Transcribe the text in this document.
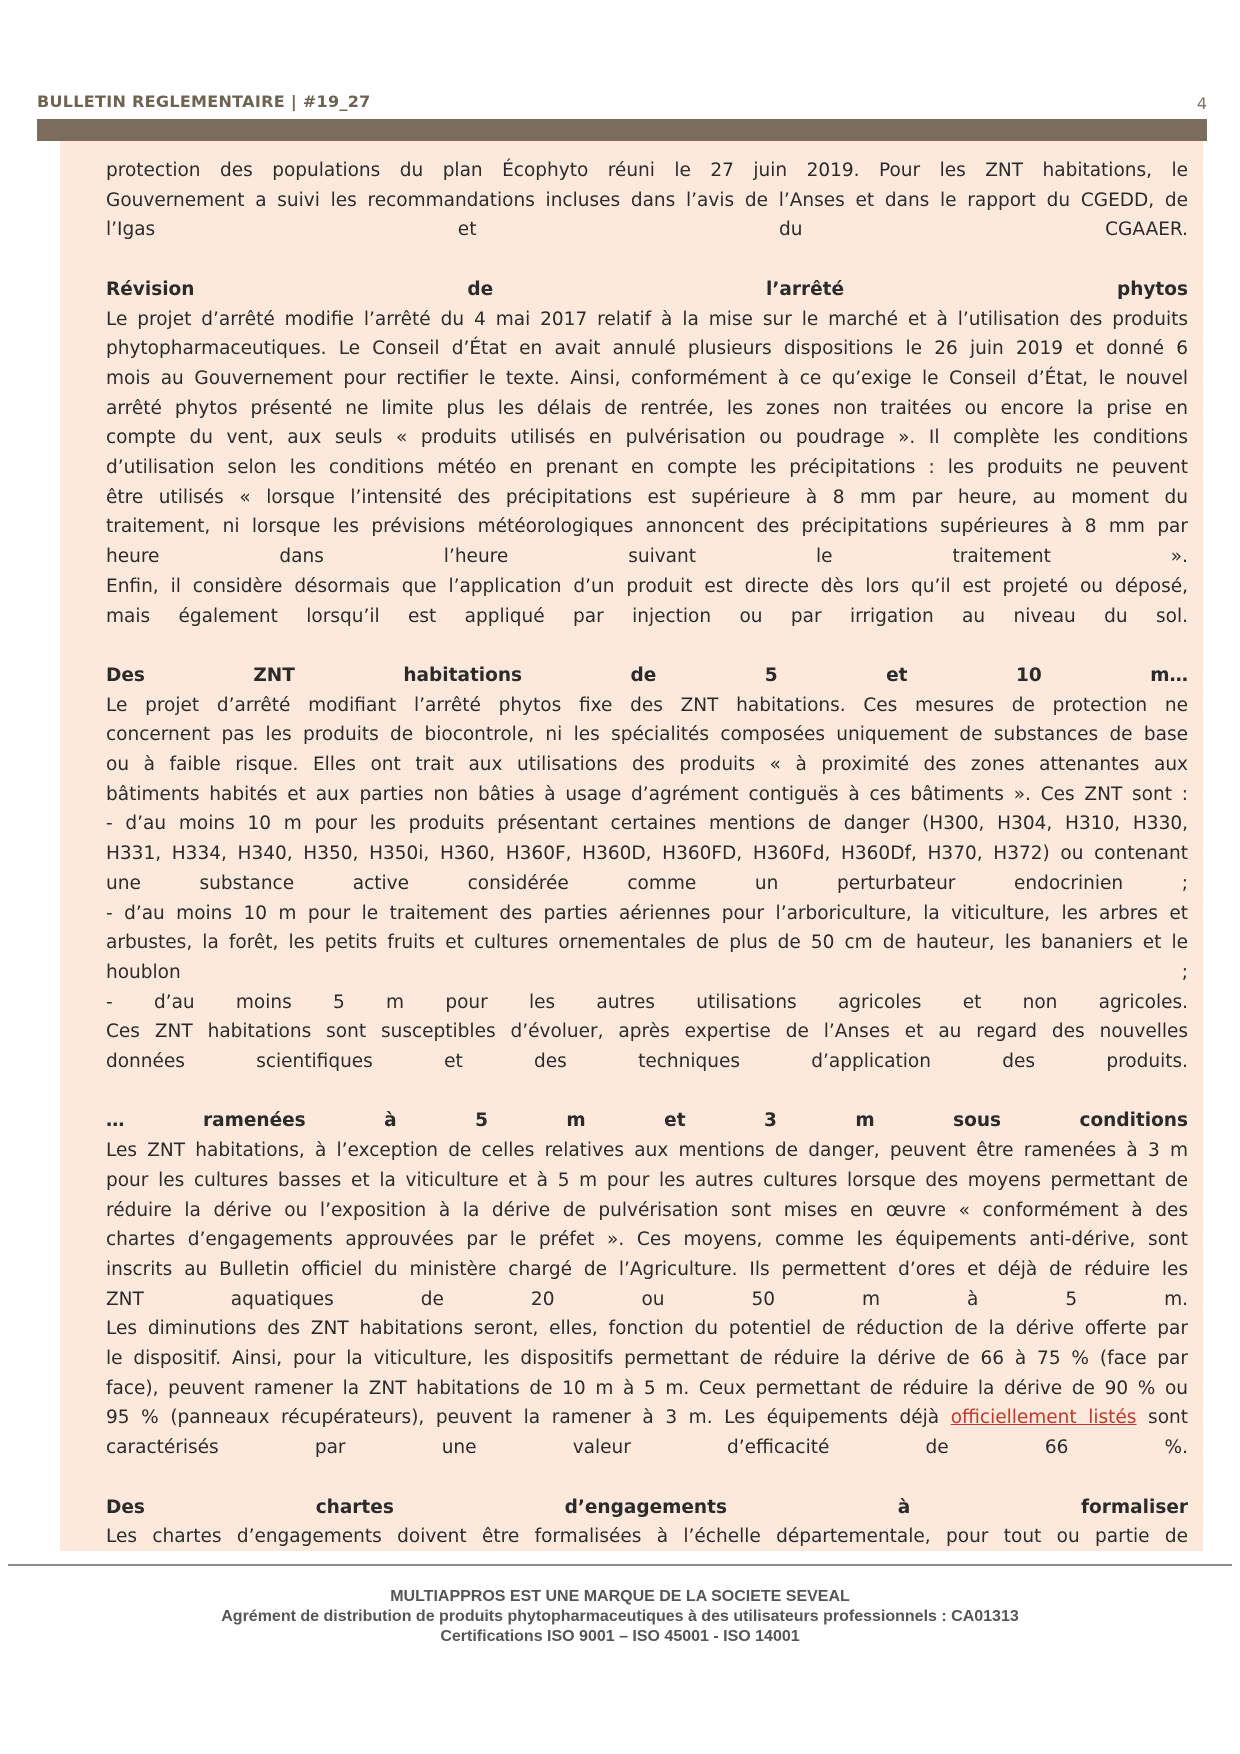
BULLETIN REGLEMENTAIRE | #19_27	4

protection des populations du plan Écophyto réuni le 27 juin 2019. Pour les ZNT habitations, le

Gouvernement a suivi les recommandations incluses dans l’avis de l’Anses et dans le rapport du CGEDD, de

l’Igas et du CGAAER.

Révision de l’arrêté phytos

Le projet d’arrêté modifie l’arrêté du 4 mai 2017 relatif à la mise sur le marché et à l’utilisation des produits

phytopharmaceutiques. Le Conseil d’État en avait annulé plusieurs dispositions le 26 juin 2019 et donné 6

mois au Gouvernement pour rectifier le texte. Ainsi, conformément à ce qu’exige le Conseil d’État, le nouvel

arrêté phytos présenté ne limite plus les délais de rentrée, les zones non traitées ou encore la prise en

compte du vent, aux seuls « produits utilisés en pulvérisation ou poudrage ». Il complète les conditions

d’utilisation selon les conditions météo en prenant en compte les précipitations : les produits ne peuvent

être utilisés « lorsque l’intensité des précipitations est supérieure à 8 mm par heure, au moment du

traitement, ni lorsque les prévisions météorologiques annoncent des précipitations supérieures à 8 mm par

heure dans l’heure suivant le traitement ».

Enfin, il considère désormais que l’application d’un produit est directe dès lors qu’il est projeté ou déposé,

mais également lorsqu’il est appliqué par injection ou par irrigation au niveau du sol.

Des ZNT habitations de 5 et 10 m…

Le projet d’arrêté modifiant l’arrêté phytos fixe des ZNT habitations. Ces mesures de protection ne

concernent pas les produits de biocontrole, ni les spécialités composées uniquement de substances de base

ou à faible risque. Elles ont trait aux utilisations des produits « à proximité des zones attenantes aux

bâtiments habités et aux parties non bâties à usage d’agrément contiguës à ces bâtiments ». Ces ZNT sont :

- d’au moins 10 m pour les produits présentant certaines mentions de danger (H300, H304, H310, H330,

H331, H334, H340, H350, H350i, H360, H360F, H360D, H360FD, H360Fd, H360Df, H370, H372) ou contenant

une substance active considérée comme un perturbateur endocrinien ;

- d’au moins 10 m pour le traitement des parties aériennes pour l’arboriculture, la viticulture, les arbres et

arbustes, la forêt, les petits fruits et cultures ornementales de plus de 50 cm de hauteur, les bananiers et le

houblon ;

- d’au moins 5 m pour les autres utilisations agricoles et non agricoles.

Ces ZNT habitations sont susceptibles d’évoluer, après expertise de l’Anses et au regard des nouvelles

données scientifiques et des techniques d’application des produits.

… ramenées à 5 m et 3 m sous conditions

Les ZNT habitations, à l’exception de celles relatives aux mentions de danger, peuvent être ramenées à 3 m

pour les cultures basses et la viticulture et à 5 m pour les autres cultures lorsque des moyens permettant de

réduire la dérive ou l’exposition à la dérive de pulvérisation sont mises en œuvre « conformément à des

chartes d’engagements approuvées par le préfet ». Ces moyens, comme les équipements anti-dérive, sont

inscrits au Bulletin officiel du ministère chargé de l’Agriculture. Ils permettent d’ores et déjà de réduire les

ZNT aquatiques de 20 ou 50 m à 5 m.

Les diminutions des ZNT habitations seront, elles, fonction du potentiel de réduction de la dérive offerte par

le dispositif. Ainsi, pour la viticulture, les dispositifs permettant de réduire la dérive de 66 à 75 % (face par

face), peuvent ramener la ZNT habitations de 10 m à 5 m. Ceux permettant de réduire la dérive de 90 % ou

95 % (panneaux récupérateurs), peuvent la ramener à 3 m. Les équipements déjà officiellement listés sont

caractérisés par une valeur d’efficacité de 66 %.

Des chartes d’engagements à formaliser

Les chartes d’engagements doivent être formalisées à l’échelle départementale, pour tout ou partie de

MULTIAPPROS EST UNE MARQUE DE LA SOCIETE SEVEAL
Agrément de distribution de produits phytopharmaceutiques à des utilisateurs professionnels : CA01313
Certifications ISO 9001 – ISO 45001 - ISO 14001
